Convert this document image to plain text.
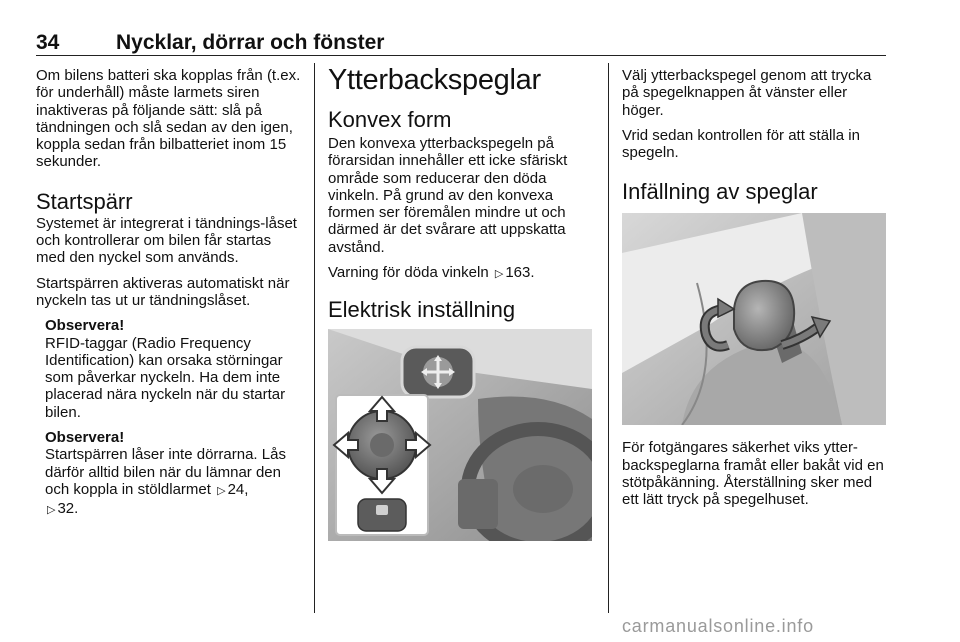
34	Nycklar, dörrar och fönster

Om bilens batteri ska kopplas från (t.ex. för underhåll) måste larmets siren inaktiveras på följande sätt: slå på tändningen och slå sedan av den igen, koppla sedan från bilbatteriet inom 15 sekunder.

Startspärr

Systemet är integrerat i tändnings-låset och kontrollerar om bilen får startas med den nyckel som används.

Startspärren aktiveras automatiskt när nyckeln tas ut ur tändningslåset.

Observera!

RFID-taggar (Radio Frequency Identification) kan orsaka störningar som påverkar nyckeln. Ha dem inte placerad nära nyckeln när du startar bilen.

Observera!

Startspärren låser inte dörrarna. Lås därför alltid bilen när du lämnar den och koppla in stöldlarmet ▷ 24,
▷ 32.

Ytterbackspeglar
Konvex form

Den konvexa ytterbackspegeln på förarsidan innehåller ett icke sfäriskt område som reducerar den döda vinkeln. På grund av den konvexa formen ser föremålen mindre ut och därmed är det svårare att uppskatta avstånd.

Varning för döda vinkeln ▷ 163.

Elektrisk inställning

Välj ytterbackspegel genom att trycka på spegelknappen åt vänster eller höger.

Vrid sedan kontrollen för att ställa in spegeln.

Infällning av speglar

För fotgängares säkerhet viks ytter-backspeglarna framåt eller bakåt vid en stötpåkänning. Återställning sker med ett lätt tryck på spegelhuset.

carmanualsonline.info
